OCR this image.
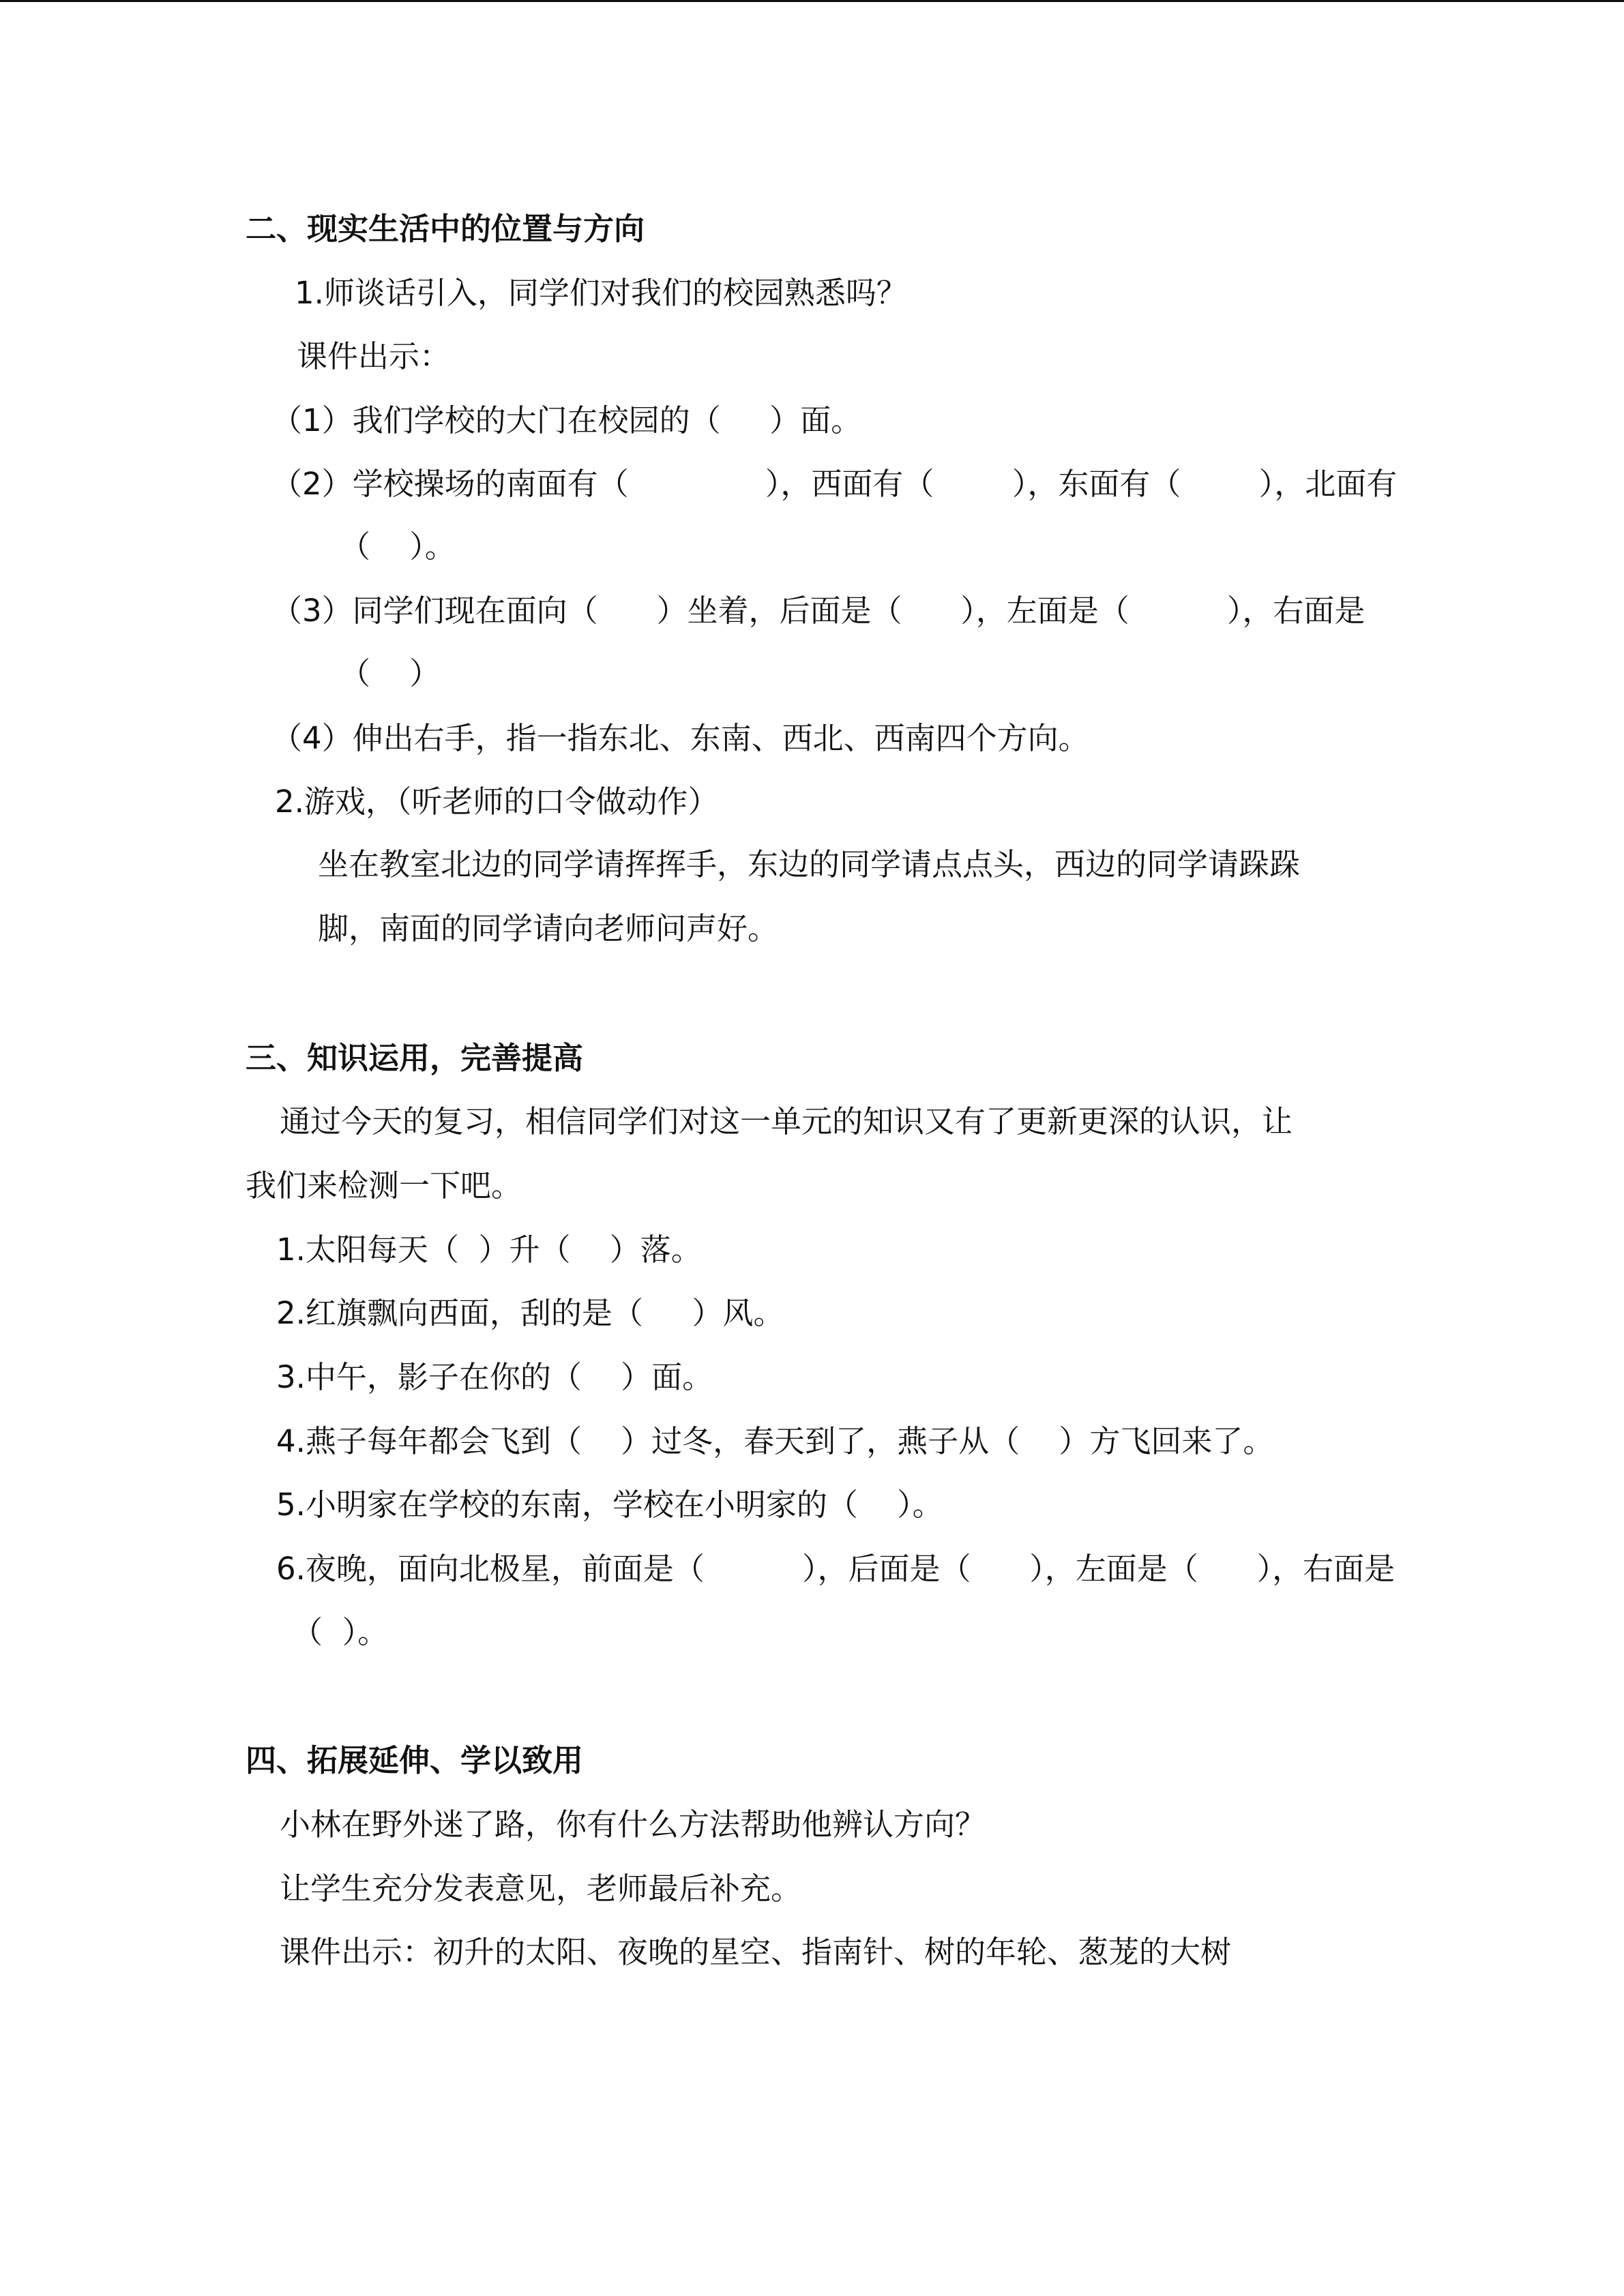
二、现实生活中的位置与方向
1.师谈话引入，同学们对我们的校园熟悉吗？
课件出示：
（1）我们学校的大门在校园的（     ）面。
（2）学校操场的南面有（              ），西面有（        ），东面有（        ），北面有
（    ）。
（3）同学们现在面向（      ）坐着，后面是（      ），左面是（          ），右面是
（    ）
（4）伸出右手，指一指东北、东南、西北、西南四个方向。
2.游戏，（听老师的口令做动作）
坐在教室北边的同学请挥挥手，东边的同学请点点头，西边的同学请跺跺
脚，南面的同学请向老师问声好。
三、知识运用，完善提高
通过今天的复习，相信同学们对这一单元的知识又有了更新更深的认识，让
我们来检测一下吧。
1.太阳每天（  ）升（    ）落。
2.红旗飘向西面，刮的是（     ）风。
3.中午，影子在你的（    ）面。
4.燕子每年都会飞到（    ）过冬，春天到了，燕子从（    ）方飞回来了。
5.小明家在学校的东南，学校在小明家的（    ）。
6.夜晚，面向北极星，前面是（          ），后面是（      ），左面是（      ），右面是
（  ）。
四、拓展延伸、学以致用
小林在野外迷了路，你有什么方法帮助他辨认方向？
让学生充分发表意见，老师最后补充。
课件出示：初升的太阳、夜晚的星空、指南针、树的年轮、葱茏的大树
